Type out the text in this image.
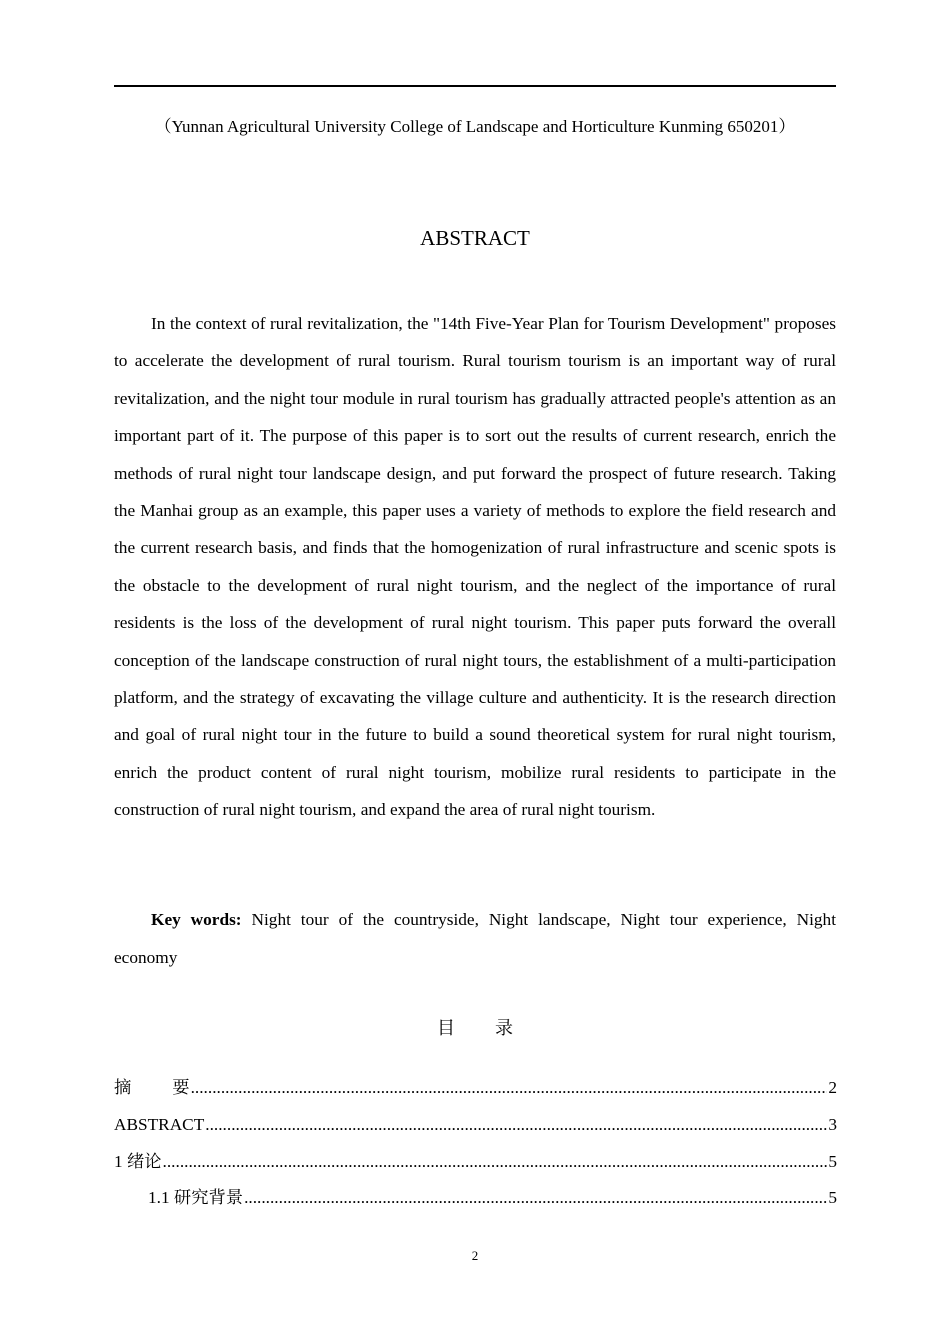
（Yunnan Agricultural University College of Landscape and Horticulture Kunming 650201）
ABSTRACT

In the context of rural revitalization, the "14th Five-Year Plan for Tourism Development" proposes to accelerate the development of rural tourism. Rural tourism tourism is an important way of rural revitalization, and the night tour module in rural tourism has gradually attracted people's attention as an important part of it. The purpose of this paper is to sort out the results of current research, enrich the methods of rural night tour landscape design, and put forward the prospect of future research. Taking the Manhai group as an example, this paper uses a variety of methods to explore the field research and the current research basis, and finds that the homogenization of rural infrastructure and scenic spots is the obstacle to the development of rural night tourism, and the neglect of the importance of rural residents is the loss of the development of rural night tourism. This paper puts forward the overall conception of the landscape construction of rural night tours, the establishment of a multi-participation platform, and the strategy of excavating the village culture and authenticity. It is the research direction and goal of rural night tour in the future to build a sound theoretical system for rural night tourism, enrich the product content of rural night tourism, mobilize rural residents to participate in the construction of rural night tourism, and expand the area of rural night tourism.

Key words: Night tour of the countryside, Night landscape, Night tour experience, Night economy

目 录
摘 要 .....	2
ABSTRACT .....	3
1 绪论 .....	5
1.1 研究背景 .....	5
2
